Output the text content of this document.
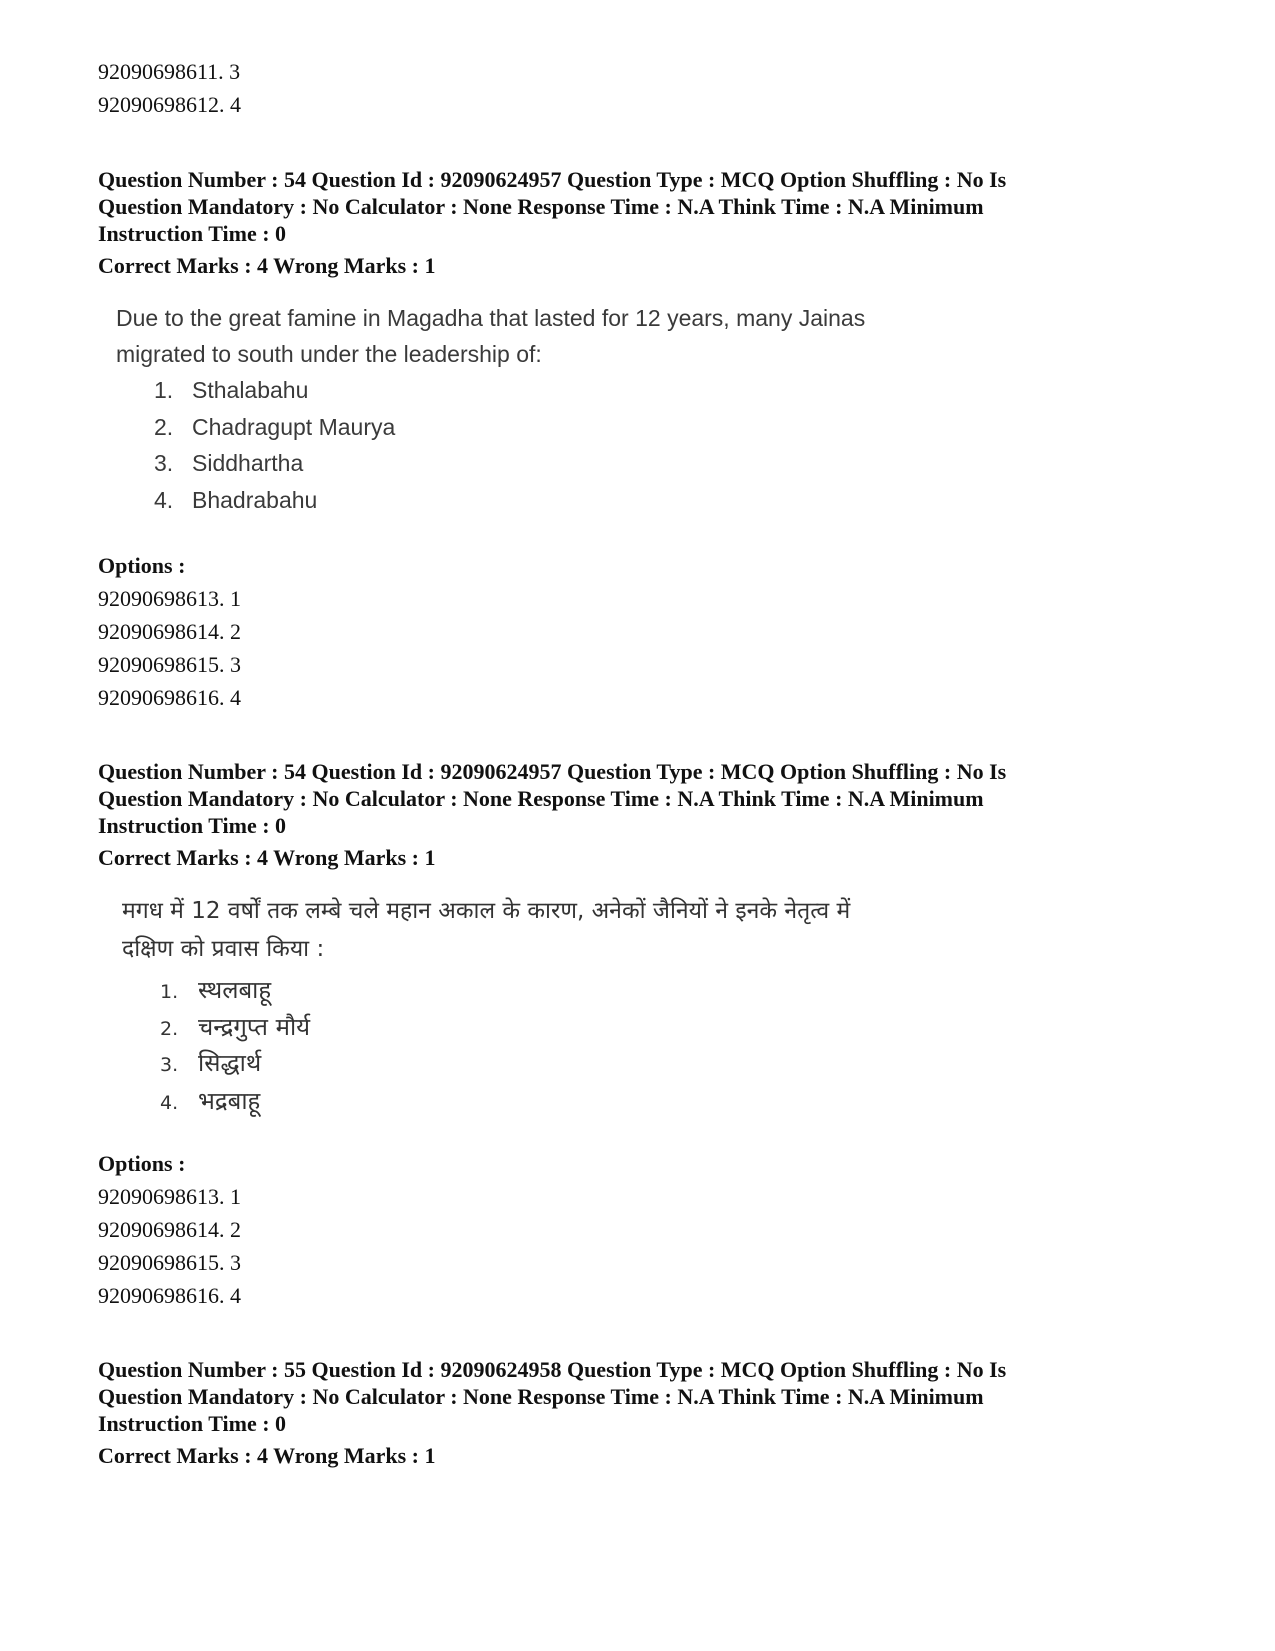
92090698611. 3
92090698612. 4
Question Number : 54 Question Id : 92090624957 Question Type : MCQ Option Shuffling : No Is
Question Mandatory : No Calculator : None Response Time : N.A Think Time : N.A Minimum
Instruction Time : 0
Correct Marks : 4 Wrong Marks : 1
Due to the great famine in Magadha that lasted for 12 years, many Jainas
migrated to south under the leadership of:
1. Sthalabahu
2. Chadragupt Maurya
3. Siddhartha
4. Bhadrabahu
Options :
92090698613. 1
92090698614. 2
92090698615. 3
92090698616. 4
Question Number : 54 Question Id : 92090624957 Question Type : MCQ Option Shuffling : No Is
Question Mandatory : No Calculator : None Response Time : N.A Think Time : N.A Minimum
Instruction Time : 0
Correct Marks : 4 Wrong Marks : 1
मगध में 12 वर्षों तक लम्बे चले महान अकाल के कारण, अनेकों जैनियों ने इनके नेतृत्व में
दक्षिण को प्रवास किया :
1. स्थलबाहू
2. चन्द्रगुप्त मौर्य
3. सिद्धार्थ
4. भद्रबाहू
Options :
92090698613. 1
92090698614. 2
92090698615. 3
92090698616. 4
Question Number : 55 Question Id : 92090624958 Question Type : MCQ Option Shuffling : No Is
Question Mandatory : No Calculator : None Response Time : N.A Think Time : N.A Minimum
Instruction Time : 0
Correct Marks : 4 Wrong Marks : 1
